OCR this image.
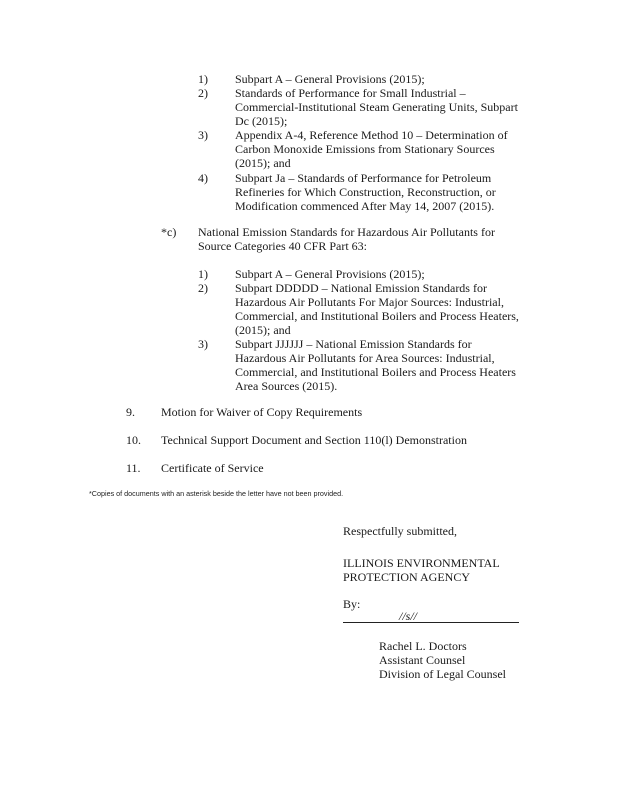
1) Subpart A – General Provisions (2015);
2) Standards of Performance for Small Industrial –
Commercial-Institutional Steam Generating Units, Subpart
Dc (2015);
3) Appendix A-4, Reference Method 10 – Determination of
Carbon Monoxide Emissions from Stationary Sources
(2015); and
4) Subpart Ja – Standards of Performance for Petroleum
Refineries for Which Construction, Reconstruction, or
Modification commenced After May 14, 2007 (2015).
*c) National Emission Standards for Hazardous Air Pollutants for
Source Categories 40 CFR Part 63:
1) Subpart A – General Provisions (2015);
2) Subpart DDDDD – National Emission Standards for
Hazardous Air Pollutants For Major Sources: Industrial,
Commercial, and Institutional Boilers and Process Heaters,
(2015); and
3) Subpart JJJJJJ – National Emission Standards for
Hazardous Air Pollutants for Area Sources: Industrial,
Commercial, and Institutional Boilers and Process Heaters
Area Sources (2015).
9. Motion for Waiver of Copy Requirements
10. Technical Support Document and Section 110(l) Demonstration
11. Certificate of Service
*Copies of documents with an asterisk beside the letter have not been provided.
Respectfully submitted,
ILLINOIS ENVIRONMENTAL
PROTECTION AGENCY
By:
//s//
Rachel L. Doctors
Assistant Counsel
Division of Legal Counsel
